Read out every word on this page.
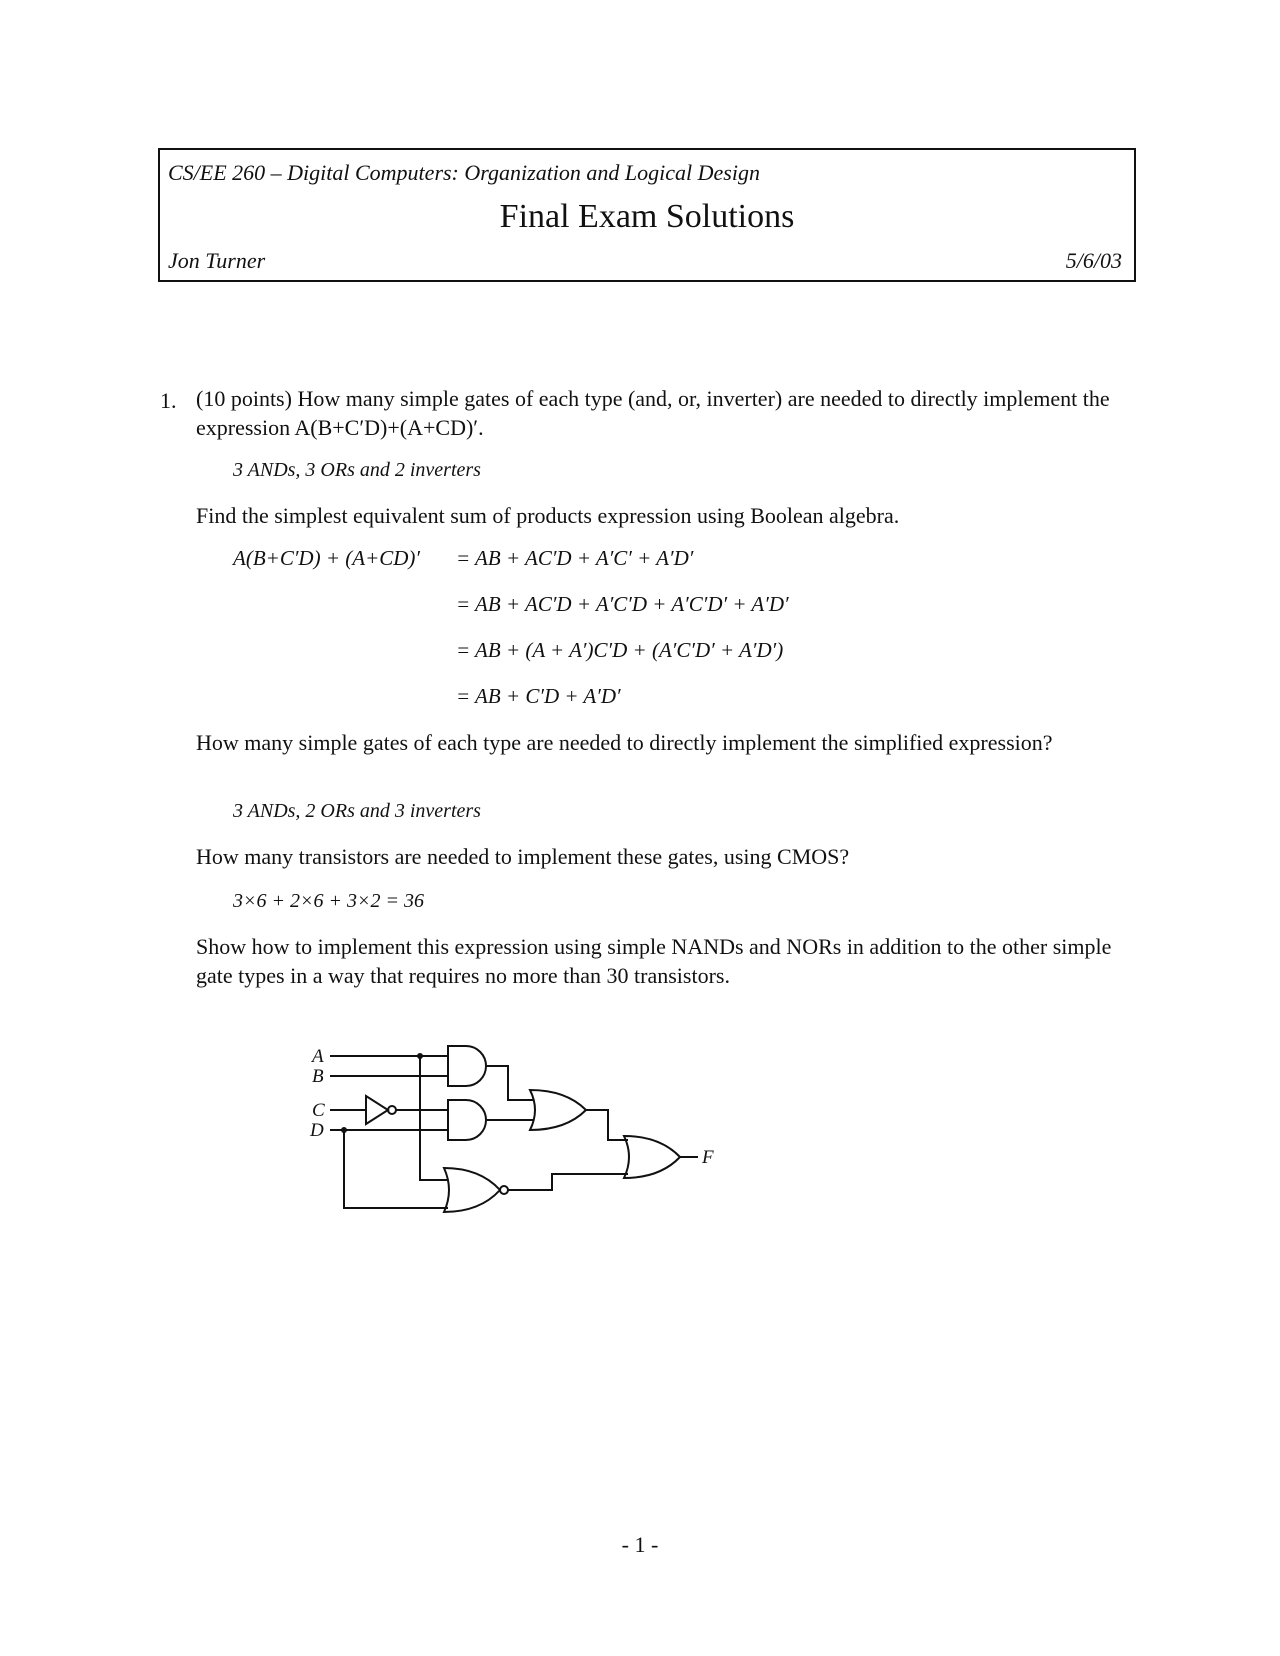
CS/EE 260 – Digital Computers: Organization and Logical Design
Final Exam Solutions
Jon Turner	5/6/03
1. (10 points) How many simple gates of each type (and, or, inverter) are needed to directly implement the expression A(B+C′D)+(A+CD)′.
3 ANDs, 3 ORs and 2 inverters
Find the simplest equivalent sum of products expression using Boolean algebra.
A(B+C′D) + (A+CD)′ = AB + AC′D + A′C′ + A′D′
= AB + AC′D + A′C′D + A′C′D′ + A′D′
= AB + (A + A′)C′D + (A′C′D′ + A′D′)
= AB + C′D + A′D′
How many simple gates of each type are needed to directly implement the simplified expression?
3 ANDs, 2 ORs and 3 inverters
How many transistors are needed to implement these gates, using CMOS?
3×6 + 2×6 + 3×2 = 36
Show how to implement this expression using simple NANDs and NORs in addition to the other simple gate types in a way that requires no more than 30 transistors.
A
B
C
D
F
- 1 -
